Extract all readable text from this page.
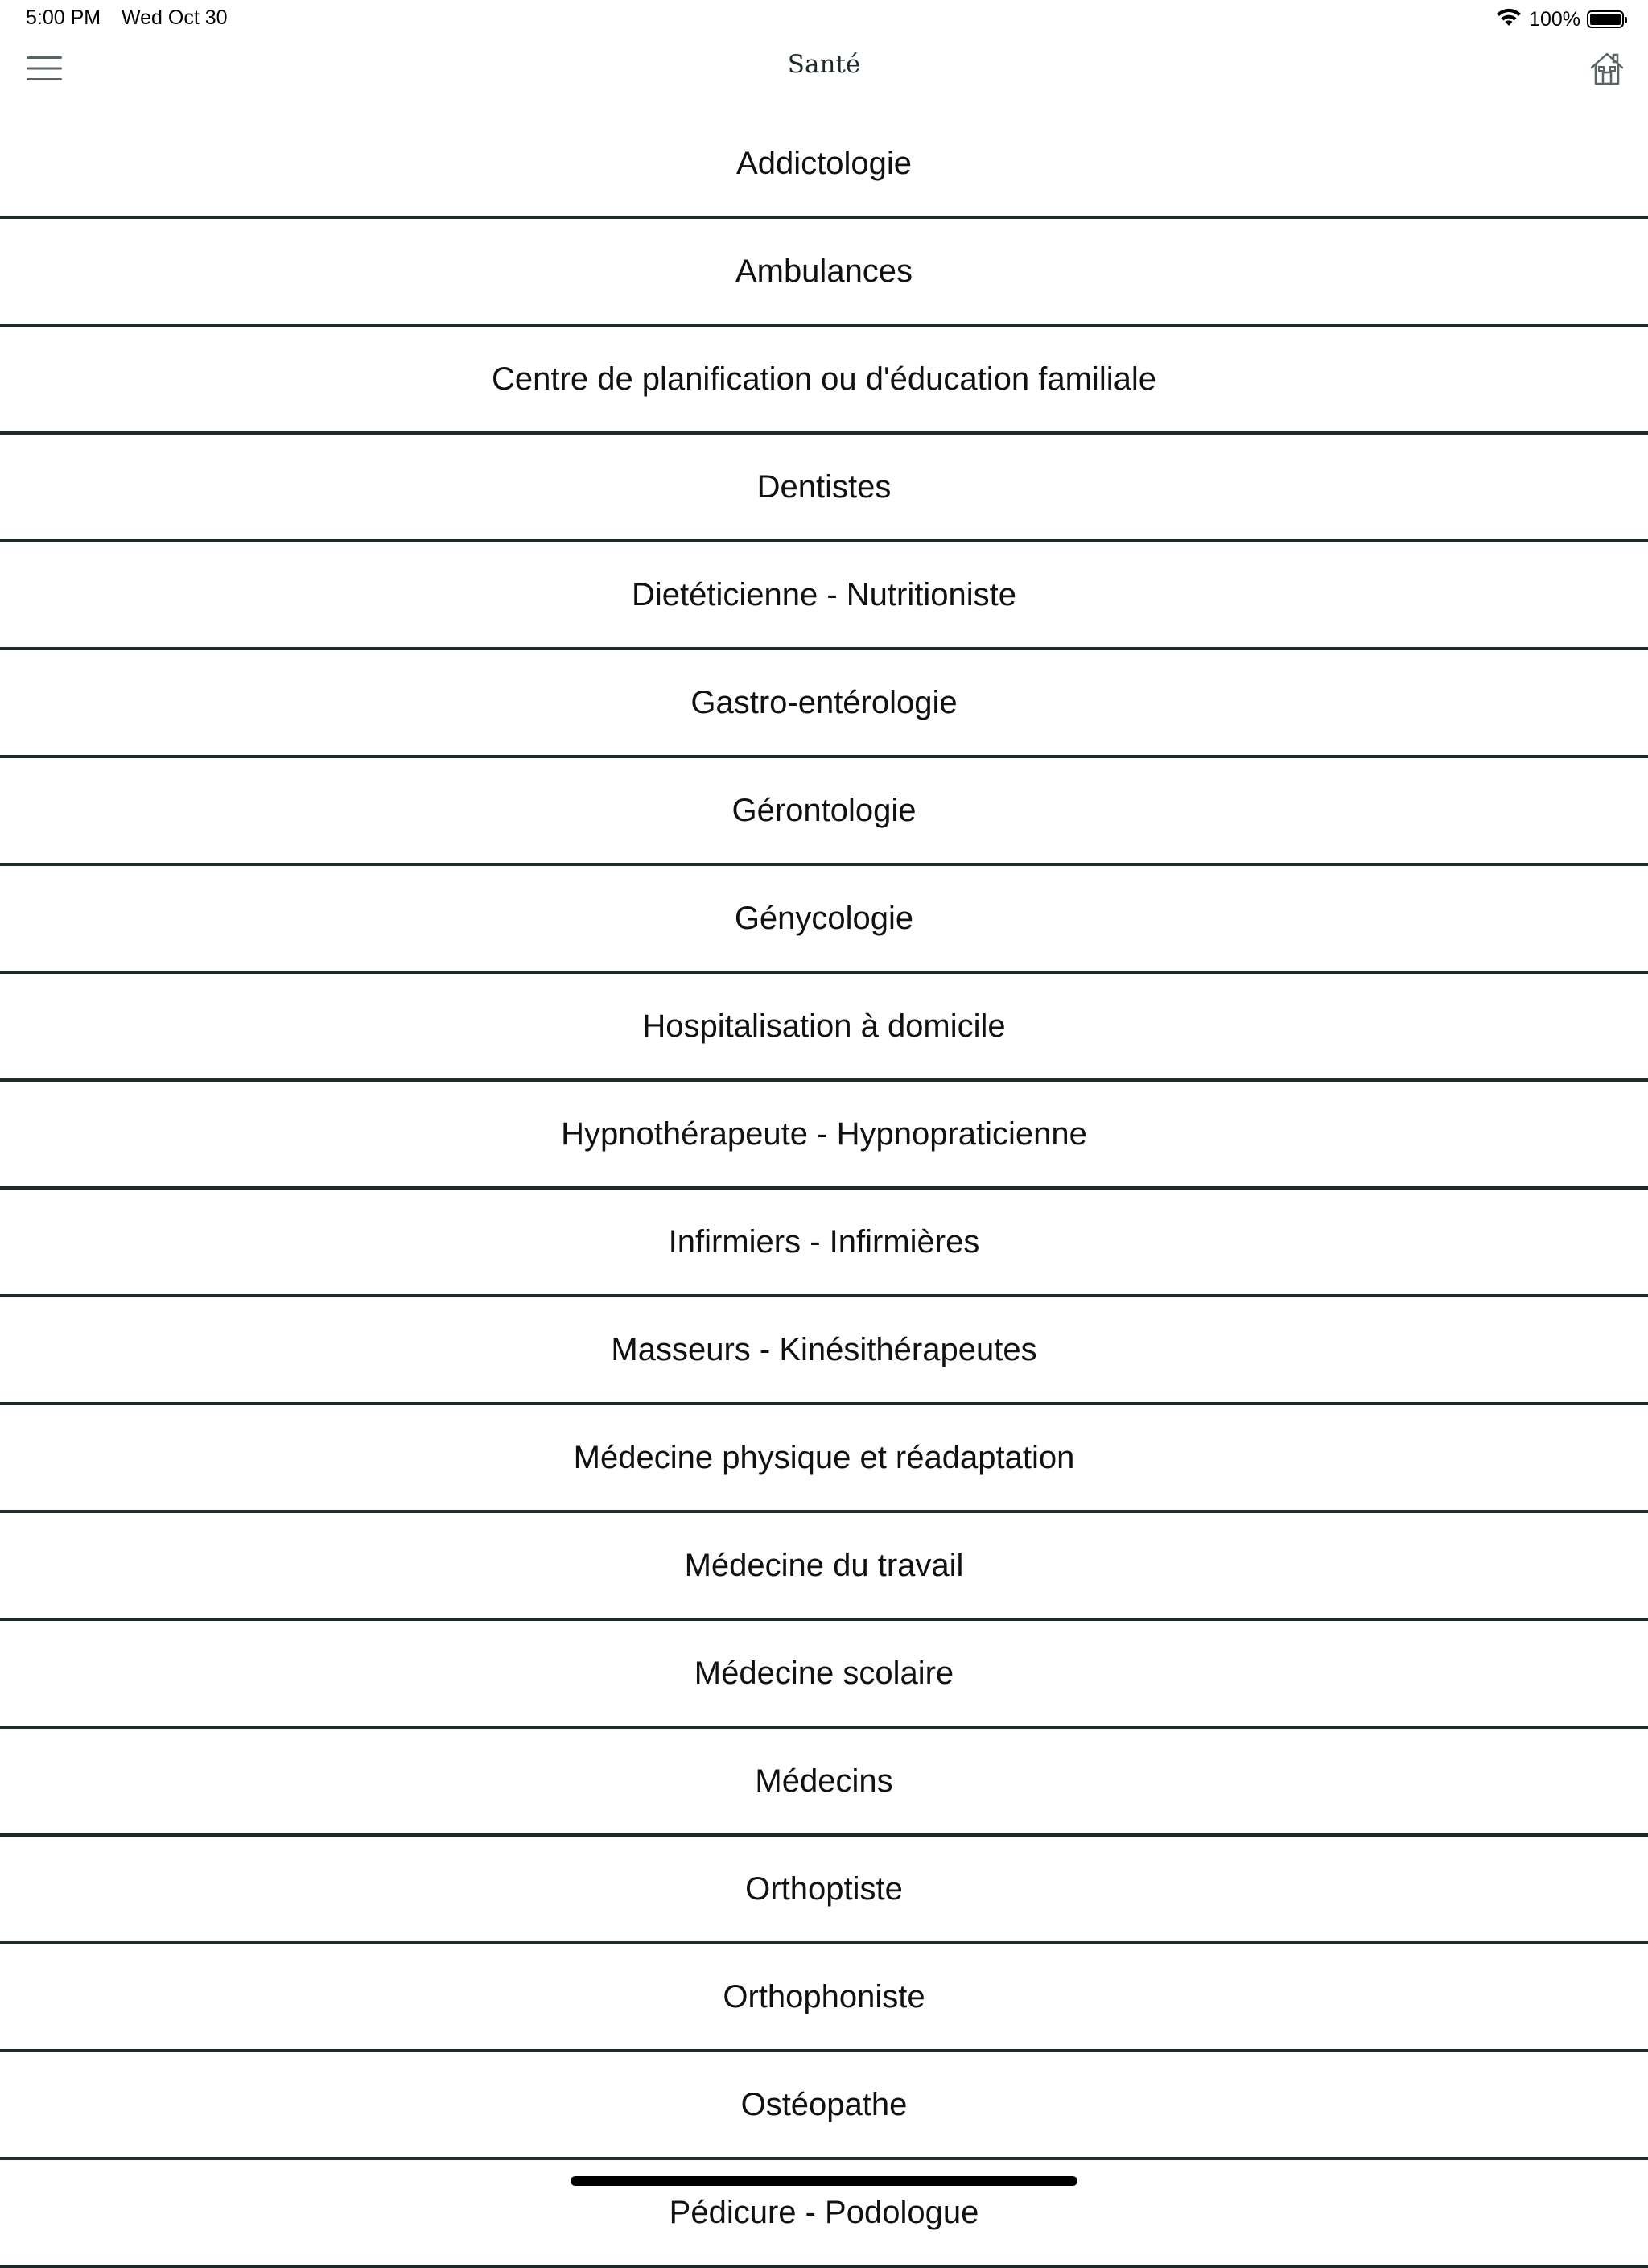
5:00 PM Wed Oct 30	100%
Santé
Addictologie
Ambulances
Centre de planification ou d'éducation familiale
Dentistes
Dietéticienne - Nutritioniste
Gastro-entérologie
Gérontologie
Génycologie
Hospitalisation à domicile
Hypnothérapeute - Hypnopraticienne
Infirmiers - Infirmières
Masseurs - Kinésithérapeutes
Médecine physique et réadaptation
Médecine du travail
Médecine scolaire
Médecins
Orthoptiste
Orthophoniste
Ostéopathe
Pédicure - Podologue
